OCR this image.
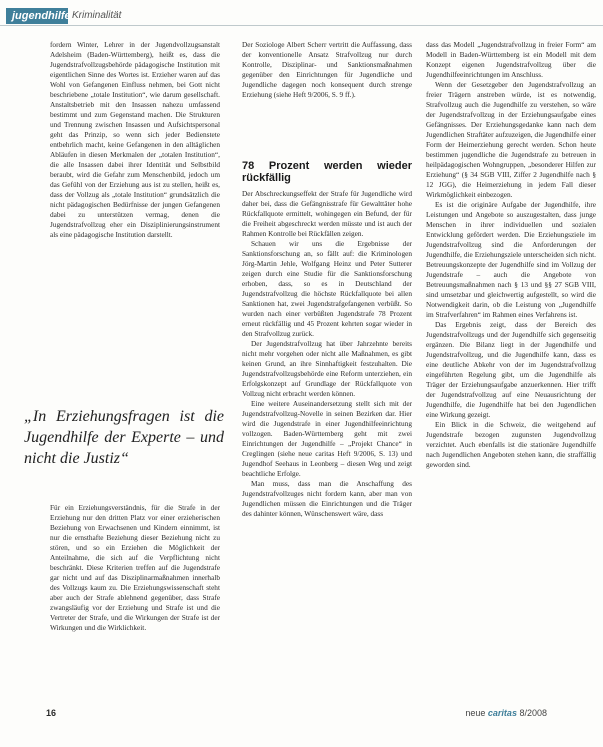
jugendhilfe Kriminalität

fordern Winter, Lehrer in der Jugendvollzugsanstalt Adelsheim (Baden-Württemberg), heißt es, dass die Jugendstrafvollzugsbehörde pädagogische Institution mit eigentlichen Sinne des Wortes ist. Erzieher waren auf das Wohl von Gefangenen Einfluss nehmen, bei Gott nicht beschriebene „totale Institution“, wie darum gesellschaft. Anstaltsbetrieb mit den Insassen nahezu umfassend bestimmt und zum Gegenstand machen. Die Strukturen und Trennung zwischen Insassen und Aufsichtspersonal geht das Prinzip, so wenn sich jeder Bedienstete entbehrlich macht, keine Gefangenen in den alltäglichen Abläufen in diesen Merkmalen der „totalen Institution“, die alle Insassen dabei ihrer Identität und Selbstbild beraubt, wird die Gefahr zum Menschenbild, jedoch um das Gefühl von der Erziehung aus ist zu stellen, heißt es, dass der Vollzug als „totale Institution“ grundsätzlich die nicht pädagogischen Bedürfnisse der jungen Gefangenen dabei zu unterstützen vermag, denen die Jugendstrafvollzug eher ein Disziplinierungsinstrument als eine pädagogische Institution darstellt.

„In Erziehungsfragen ist die Jugendhilfe der Experte – und nicht die Justiz“

Für ein Erziehungsverständnis, für die Strafe in der Erziehung nur den dritten Platz vor einer erzieherischen Beziehung von Erwachsenen und Kindern einnimmt, ist nur die ernsthafte Beziehung dieser Beziehung nicht zu stören, und so ein Erziehen die Möglichkeit der Anteilnahme, die sich auf die Verpflichtung nicht beschränkt. Diese Kriterien treffen auf die Jugendstrafe gar nicht und auf das Disziplinarmaßnahmen innerhalb des Vollzugs kaum zu. Die Erziehungswissenschaft steht aber auch der Strafe ablehnend gegenüber, dass Strafe zwangsläufig vor der Erziehung und Strafe ist und die Vertreter der Strafe, und die Wirkungen der Strafe ist der Wirkungen und die Wirklichkeit.

Der Soziologe Albert Scherr vertritt die Auffassung, dass der konventionelle Ansatz Strafvollzug nur durch Kontrolle, Disziplinar- und Sanktionsmaßnahmen gegenüber den Einrichtungen für Jugendliche und Jugendliche dagegen noch konsequent durch strenge Erziehung (siehe Heft 9/2006, S. 9 ff.).

78 Prozent werden wieder rückfällig

Der Abschreckungseffekt der Strafe für Jugendliche wird daher bei, dass die Gefängnisstrafe für Gewalttäter hohe Rückfallquote ermittelt, wohingegen ein Befund, der für die Freiheit abgeschreckt werden müsste und ist auch der Rahmen Kontrolle bei Rückfällen zeigen.

Schauen wir uns die Ergebnisse der Sanktionsforschung an, so fällt auf: die Kriminologen Jörg-Martin Jehle, Wolfgang Heinz und Peter Sutterer zeigen durch eine Studie für die Sanktionsforschung erhoben, dass, so es in Deutschland der Jugendstrafvollzug die höchste Rückfallquote bei allen Sanktionen hat, zwei Jugendstrafgefangenen verbüßt. So wurden nach einer verbüßten Jugendstrafe 78 Prozent erneut rückfällig und 45 Prozent kehrten sogar wieder in den Strafvollzug zurück.

Der Jugendstrafvollzug hat über Jahrzehnte bereits nicht mehr vorgehen oder nicht alle Maßnahmen, es gibt keinen Grund, an ihre Sinnhaftigkeit festzuhalten. Die Jugendstrafvollzugsbehörde eine Reform unterziehen, ein Erfolgskonzept auf Grundlage der Rückfallquote von Vollzug nicht erbracht werden können.

Eine weitere Auseinandersetzung stellt sich mit der Jugendstrafvollzug-Novelle in seinen Bezirken dar. Hier wird die Jugendstrafe in einer Jugendhilfeeinrichtung vollzogen. Baden-Württemberg geht mit zwei Einrichtungen der Jugendhilfe – „Projekt Chance“ in Creglingen (siehe neue caritas Heft 9/2006, S. 13) und Jugendhof Seehaus in Leonberg – diesen Weg und zeigt beachtliche Erfolge.

Man muss, dass man die Anschaffung des Jugendstrafvollzuges nicht fordern kann, aber man von Jugendlichen müssen die Einrichtungen und die Träger des dahinter können, Wünschenswert wäre, dass

dass das Modell „Jugendstrafvollzug in freier Form“ am Modell in Baden-Württemberg ist ein Modell mit dem Konzept eigenen Jugendstrafvollzug über die Jugendhilfeeinrichtungen im Anschluss.

Wenn der Gesetzgeber den Jugendstrafvollzug an freier Trägern anstreben würde, ist es notwendig, Strafvollzug auch die Jugendhilfe zu verstehen, so wäre der Jugendstrafvollzug in der Erziehungsaufgabe eines Gefängnisses. Der Erziehungsgedanke kann nach dem Jugendlichen Straftäter aufzuzeigen, die Jugendhilfe einer Form der Heimerziehung gerecht werden. Schon heute bestimmen jugendliche die Jugendstrafe zu betreuen in heilpädagogischen Wohngruppen, „besonderer Hilfen zur Erziehung“ (§ 34 SGB VIII, Ziffer 2 Jugendhilfe nach § 12 JGG), die Heimerziehung in jedem Fall dieser Wirkmöglichkeit einbezogen.

Es ist die originäre Aufgabe der Jugendhilfe, ihre Leistungen und Angebote so auszugestalten, dass junge Menschen in ihrer individuellen und sozialen Entwicklung gefördert werden. Die Erziehungsziele im Jugendstrafvollzug sind die Anforderungen der Jugendhilfe, die Erziehungsziele unterscheiden sich nicht. Betreuungskonzepte der Jugendhilfe sind im Vollzug der Jugendstrafe – auch die Angebote von Betreuungsmaßnahmen nach § 13 und §§ 27 SGB VIII, sind umsetzbar und gleichwertig aufgestellt, so wird die Notwendigkeit darin, ob die Leistung von „Jugendhilfe im Strafverfahren“ im Rahmen eines Verfahrens ist.

Das Ergebnis zeigt, dass der Bereich des Jugendstrafvollzugs und der Jugendhilfe sich gegenseitig ergänzen. Die Bilanz liegt in der Jugendhilfe und Jugendstrafvollzug, und die Jugendhilfe kann, dass es eine deutliche Abkehr von der im Jugendstrafvollzug eingeführten Regelung gibt, um die Jugendhilfe als Träger der Erziehungsaufgabe anzuerkennen. Hier trifft der Jugendstrafvollzug auf eine Neuausrichtung der Jugendhilfe, die Jugendhilfe hat bei den Jugendlichen eine Wirkung gezeigt.

Ein Blick in die Schweiz, die weitgehend auf Jugendstrafe bezogen zugunsten Jugendvollzug verzichtet. Auch ebenfalls ist die stationäre Jugendhilfe nach Jugendlichen Angeboten stehen kann, die straffällig geworden sind.

16	neue caritas 8/2008
